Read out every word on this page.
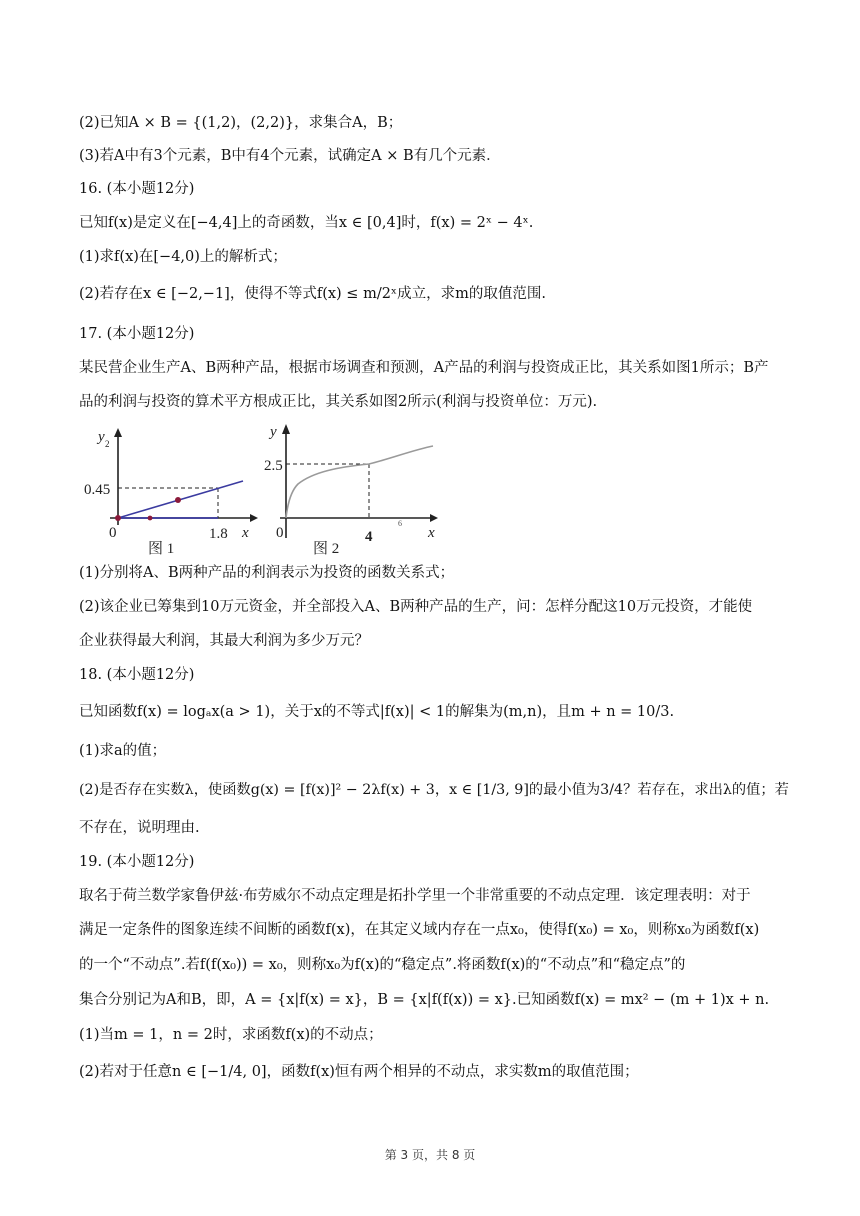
(2)已知A × B = {(1,2)，(2,2)}，求集合A，B；
(3)若A中有3个元素，B中有4个元素，试确定A × B有几个元素．
16. (本小题12分)
已知f(x)是定义在[−4,4]上的奇函数，当x ∈ [0,4]时，f(x) = 2ˣ − 4ˣ.
(1)求f(x)在[−4,0)上的解析式；
(2)若存在x ∈ [−2,−1]，使得不等式f(x) ≤ m/2ˣ成立，求m的取值范围.
17. (本小题12分)
某民营企业生产A、B两种产品，根据市场调查和预测，A产品的利润与投资成正比，其关系如图1所示；B产
品的利润与投资的算术平方根成正比，其关系如图2所示(利润与投资单位：万元).
y 2
0.45
0	1.8 x
图 1
y
2.5
0	4
6
x
图 2
(1)分别将A、B两种产品的利润表示为投资的函数关系式；
(2)该企业已筹集到10万元资金，并全部投入A、B两种产品的生产，问：怎样分配这10万元投资，才能使
企业获得最大利润，其最大利润为多少万元？
18. (本小题12分)
已知函数f(x) = logₐx(a > 1)，关于x的不等式|f(x)| < 1的解集为(m,n)，且m + n = 10/3.
(1)求a的值；
(2)是否存在实数λ，使函数g(x) = [f(x)]² − 2λf(x) + 3，x ∈ [1/3, 9]的最小值为3/4？若存在，求出λ的值；若
不存在，说明理由.
19. (本小题12分)
取名于荷兰数学家鲁伊兹·布劳威尔不动点定理是拓扑学里一个非常重要的不动点定理．该定理表明：对于
满足一定条件的图象连续不间断的函数f(x)，在其定义域内存在一点x₀，使得f(x₀) = x₀，则称x₀为函数f(x)
的一个“不动点”.若f(f(x₀)) = x₀，则称x₀为f(x)的“稳定点”.将函数f(x)的“不动点”和“稳定点”的
集合分别记为A和B，即，A = {x|f(x) = x}，B = {x|f(f(x)) = x}.已知函数f(x) = mx² − (m + 1)x + n.
(1)当m = 1，n = 2时，求函数f(x)的不动点；
(2)若对于任意n ∈ [−1/4, 0]，函数f(x)恒有两个相异的不动点，求实数m的取值范围；
第 3 页，共 8 页
